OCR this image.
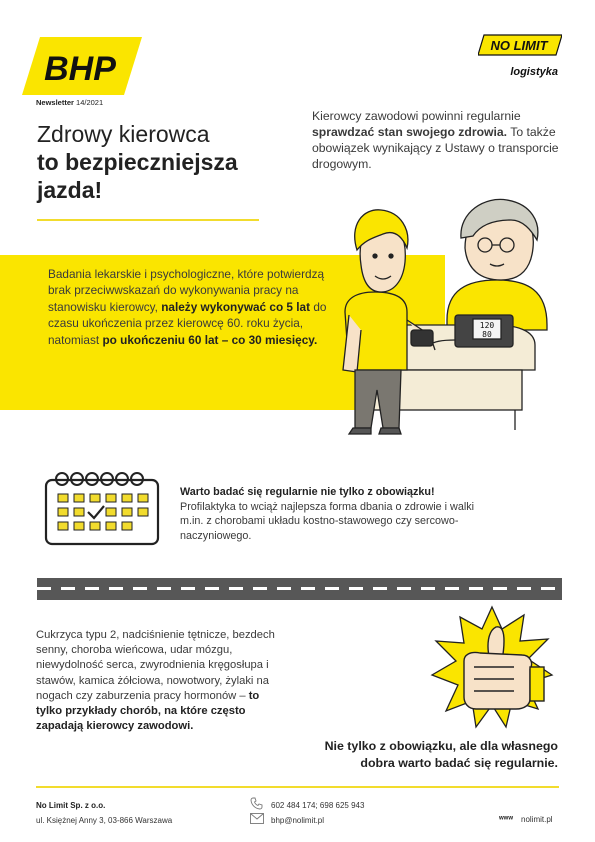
BHP
Newsletter 14/2021
NO LIMIT
logistyka
Zdrowy kierowca

to bezpieczniejsza
jazda!

Kierowcy zawodowi powinni regularnie sprawdzać stan swojego zdrowia. To także obowiązek wynikający z Ustawy o transporcie drogowym.

Badania lekarskie i psychologiczne, które potwierdzą brak przeciwwskazań do wykonywania pracy na stanowisku kierowcy, należy wykonywać co 5 lat do czasu ukończenia przez kierowcę 60. roku życia, natomiast po ukończeniu 60 lat – co 30 miesięcy.

120
80
Warto badać się regularnie nie tylko z obowiązku!
Profilaktyka to wciąż najlepsza forma dbania o zdrowie i walki m.in. z chorobami układu kostno-stawowego czy sercowo-naczyniowego.

Cukrzyca typu 2, nadciśnienie tętnicze, bezdech senny, choroba wieńcowa, udar mózgu, niewydolność serca, zwyrodnienia kręgosłupa i stawów, kamica żółciowa, nowotwory, żylaki na nogach czy zaburzenia pracy hormonów – to tylko przykłady chorób, na które często zapadają kierowcy zawodowi.

Nie tylko z obowiązku, ale dla własnego
dobra warto badać się regularnie.
No Limit Sp. z o.o.
ul. Księżnej Anny 3, 03-866 Warszawa
602 484 174; 698 625 943
bhp@nolimit.pl	www nolimit.pl
